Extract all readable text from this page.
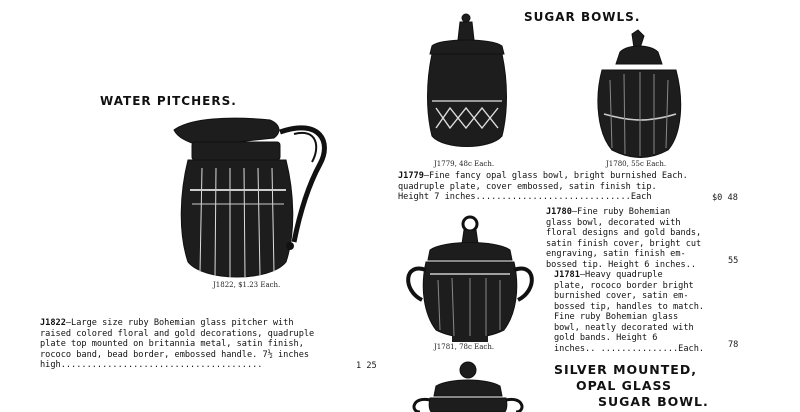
WATER PITCHERS.
J1822, $1.23 Each.
J1822—Large size ruby Bohemian glass pitcher with
raised colored floral and gold decorations, quadruple
plate top mounted on britannia metal, satin finish,
rococo band, bead border, embossed handle. 7½ inches
high.......................................	1 25
SUGAR BOWLS.
J1779, 48c Each.	J1780, 55c Each.
J1779—Fine fancy opal glass bowl, bright burnished Each.
quadruple plate, cover embossed, satin finish tip.
Height 7 inches..............................Each	$0 48
J1781, 78c Each.
J1780—Fine ruby Bohemian
glass bowl, decorated with
floral designs and gold bands,
satin finish cover, bright cut
engraving, satin finish em-
bossed tip. Height 6 inches..	55
J1781—Heavy quadruple
plate, rococo border bright
burnished cover, satin em-
bossed tip, handles to match.
Fine ruby Bohemian glass
bowl, neatly decorated with
gold bands. Height 6
inches.. ...............Each.	78
SILVER MOUNTED,
OPAL GLASS
SUGAR BOWL.
